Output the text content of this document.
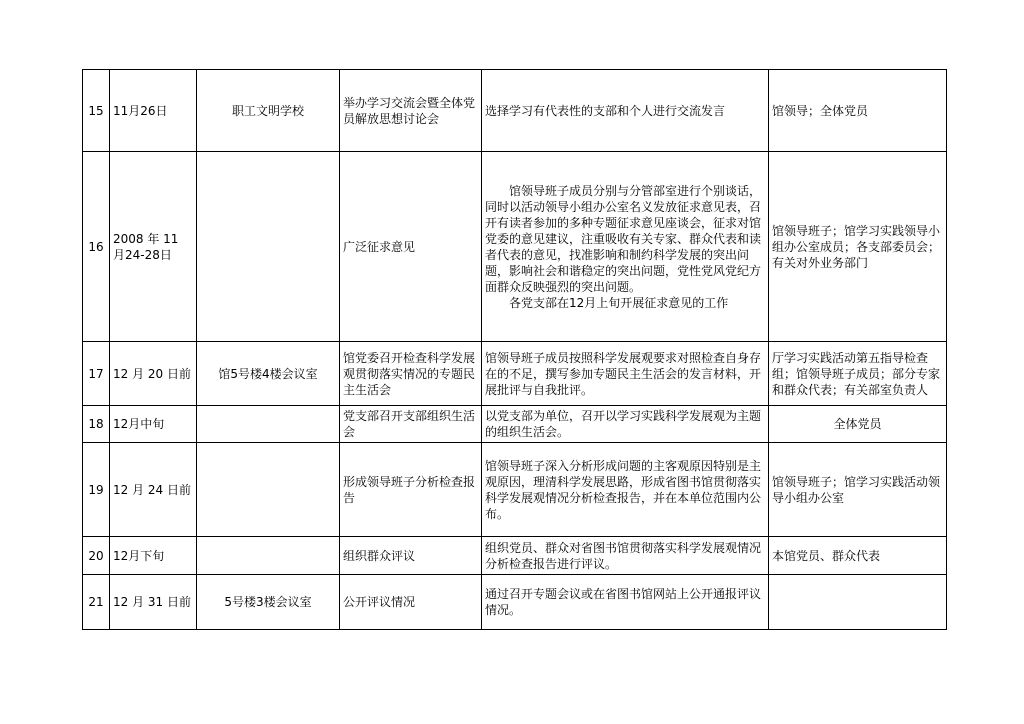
15	11月26日	职工文明学校	举办学习交流会暨全体党员解放思想讨论会	选择学习有代表性的支部和个人进行交流发言	馆领导；全体党员
16	2008 年 11 月24-28日		广泛征求意见	　　馆领导班子成员分别与分管部室进行个别谈话，同时以活动领导小组办公室名义发放征求意见表，召开有读者参加的多种专题征求意见座谈会，征求对馆党委的意见建议，注重吸收有关专家、群众代表和读者代表的意见，找准影响和制约科学发展的突出问题，影响社会和谐稳定的突出问题，党性党风党纪方面群众反映强烈的突出问题。
　　各党支部在12月上旬开展征求意见的工作	馆领导班子；馆学习实践领导小组办公室成员；各支部委员会；有关对外业务部门
17	12 月 20 日前	馆5号楼4楼会议室	馆党委召开检查科学发展观贯彻落实情况的专题民主生活会	馆领导班子成员按照科学发展观要求对照检查自身存在的不足，撰写参加专题民主生活会的发言材料，开展批评与自我批评。	厅学习实践活动第五指导检查组；馆领导班子成员；部分专家和群众代表；有关部室负责人
18	12月中旬		党支部召开支部组织生活会	以党支部为单位，召开以学习实践科学发展观为主题的组织生活会。	全体党员
19	12 月 24 日前		形成领导班子分析检查报告	馆领导班子深入分析形成问题的主客观原因特别是主观原因，理清科学发展思路，形成省图书馆贯彻落实科学发展观情况分析检查报告，并在本单位范围内公布。	馆领导班子；馆学习实践活动领导小组办公室
20	12月下旬		组织群众评议	组织党员、群众对省图书馆贯彻落实科学发展观情况分析检查报告进行评议。	本馆党员、群众代表
21	12 月 31 日前	5号楼3楼会议室	公开评议情况	通过召开专题会议或在省图书馆网站上公开通报评议情况。	
